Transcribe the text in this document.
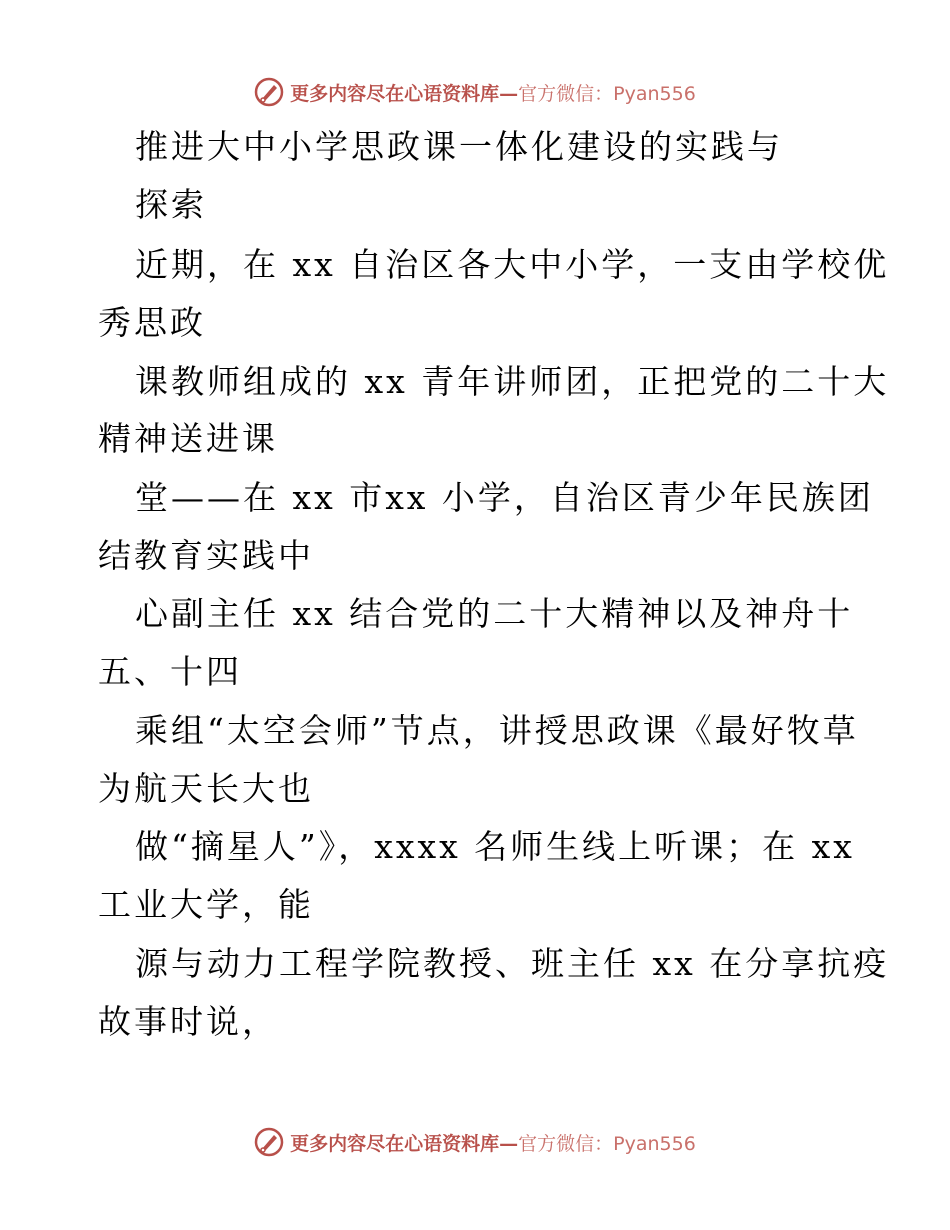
更多内容尽在心语资料库— 官方微信：Pyan556
推进大中小学思政课一体化建设的实践与
探索
近期，在 xx 自治区各大中小学，一支由学校优
秀思政
课教师组成的 xx 青年讲师团，正把党的二十大
精神送进课
堂——在 xx 市xx 小学，自治区青少年民族团
结教育实践中
心副主任 xx 结合党的二十大精神以及神舟十
五、十四
乘组“太空会师”节点，讲授思政课《最好牧草
为航天长大也
做“摘星人”》，xxxx 名师生线上听课；在 xx
工业大学，能
源与动力工程学院教授、班主任 xx 在分享抗疫
故事时说，
更多内容尽在心语资料库— 官方微信：Pyan556
